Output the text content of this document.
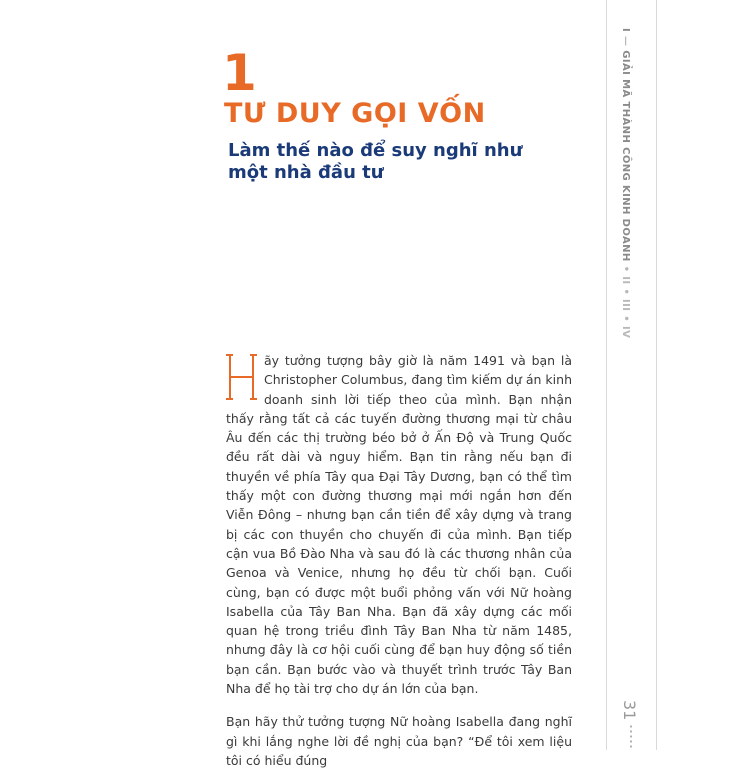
1
TƯ DUY GỌI VỐN
Làm thế nào để suy nghĩ như
một nhà đầu tư
I — GIẢI MÃ THÀNH CÔNG KINH DOANH • II • III • IV

H	ãy tưởng tượng bây giờ là năm 1491 và bạn là Christopher Columbus, đang tìm kiếm dự án kinh doanh sinh lời tiếp theo của mình. Bạn nhận thấy rằng tất cả các tuyến đường thương mại từ châu Âu đến các thị trường béo bở ở Ấn Độ và Trung Quốc đều rất dài và nguy hiểm. Bạn tin rằng nếu bạn đi thuyền về phía Tây qua Đại Tây Dương, bạn có thể tìm thấy một con đường thương mại mới ngắn hơn đến Viễn Đông – nhưng bạn cần tiền để xây dựng và trang bị các con thuyền cho chuyến đi của mình. Bạn tiếp cận vua Bồ Đào Nha và sau đó là các thương nhân của Genoa và Venice, nhưng họ đều từ chối bạn. Cuối cùng, bạn có được một buổi phỏng vấn với Nữ hoàng Isabella của Tây Ban Nha. Bạn đã xây dựng các mối quan hệ trong triều đình Tây Ban Nha từ năm 1485, nhưng đây là cơ hội cuối cùng để bạn huy động số tiền bạn cần. Bạn bước vào và thuyết trình trước Tây Ban Nha để họ tài trợ cho dự án lớn của bạn.

Bạn hãy thử tưởng tượng Nữ hoàng Isabella đang nghĩ gì khi lắng nghe lời đề nghị của bạn? “Để tôi xem liệu tôi có hiểu đúng

31
